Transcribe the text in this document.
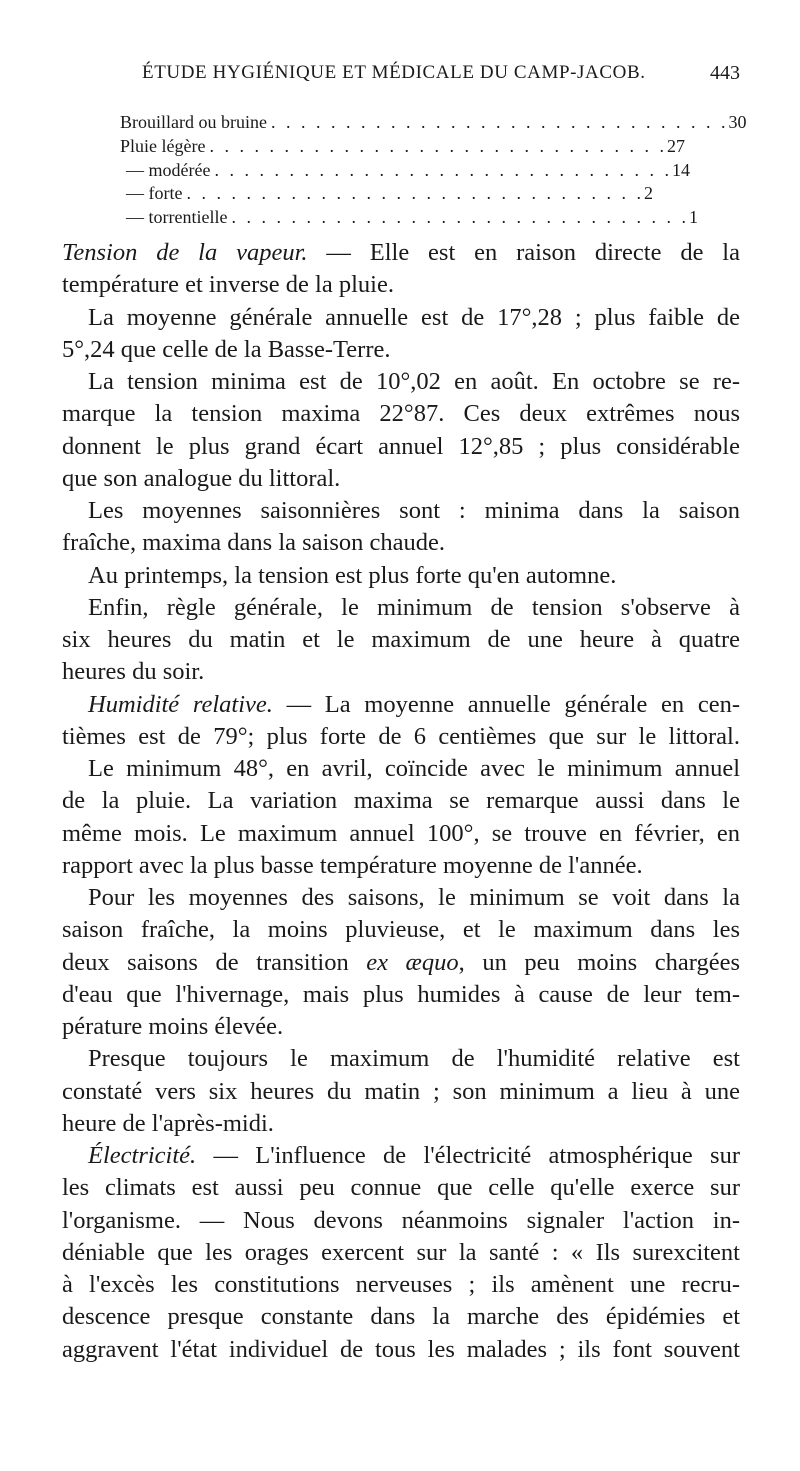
ÉTUDE HYGIÉNIQUE ET MÉDICALE DU CAMP-JACOB.	443
Brouillard ou bruine . . . . . . . . . . . . . . . . . . . . . . . . . . . . . . . 30
Pluie légère . . . . . . . . . . . . . . . . . . . . . . . . . . . . . . . 27
— modérée . . . . . . . . . . . . . . . . . . . . . . . . . . . . . . . 14
— forte . . . . . . . . . . . . . . . . . . . . . . . . . . . . . . . 2
— torrentielle . . . . . . . . . . . . . . . . . . . . . . . . . . . . . . . 1
Tension de la vapeur. — Elle est en raison directe de la
température et inverse de la pluie.
La moyenne générale annuelle est de 17°,28 ; plus faible de
5°,24 que celle de la Basse-Terre.
La tension minima est de 10°,02 en août. En octobre se re-
marque la tension maxima 22°87. Ces deux extrêmes nous
donnent le plus grand écart annuel 12°,85 ; plus considérable
que son analogue du littoral.
Les moyennes saisonnières sont : minima dans la saison
fraîche, maxima dans la saison chaude.
Au printemps, la tension est plus forte qu'en automne.
Enfin, règle générale, le minimum de tension s'observe à
six heures du matin et le maximum de une heure à quatre
heures du soir.
Humidité relative. — La moyenne annuelle générale en cen-
tièmes est de 79°; plus forte de 6 centièmes que sur le littoral.
Le minimum 48°, en avril, coïncide avec le minimum annuel
de la pluie. La variation maxima se remarque aussi dans le
même mois. Le maximum annuel 100°, se trouve en février, en
rapport avec la plus basse température moyenne de l'année.
Pour les moyennes des saisons, le minimum se voit dans la
saison fraîche, la moins pluvieuse, et le maximum dans les
deux saisons de transition ex æquo, un peu moins chargées
d'eau que l'hivernage, mais plus humides à cause de leur tem-
pérature moins élevée.
Presque toujours le maximum de l'humidité relative est
constaté vers six heures du matin ; son minimum a lieu à une
heure de l'après-midi.
Électricité. — L'influence de l'électricité atmosphérique sur
les climats est aussi peu connue que celle qu'elle exerce sur
l'organisme. — Nous devons néanmoins signaler l'action in-
déniable que les orages exercent sur la santé : « Ils surexcitent
à l'excès les constitutions nerveuses ; ils amènent une recru-
descence presque constante dans la marche des épidémies et
aggravent l'état individuel de tous les malades ; ils font souvent
